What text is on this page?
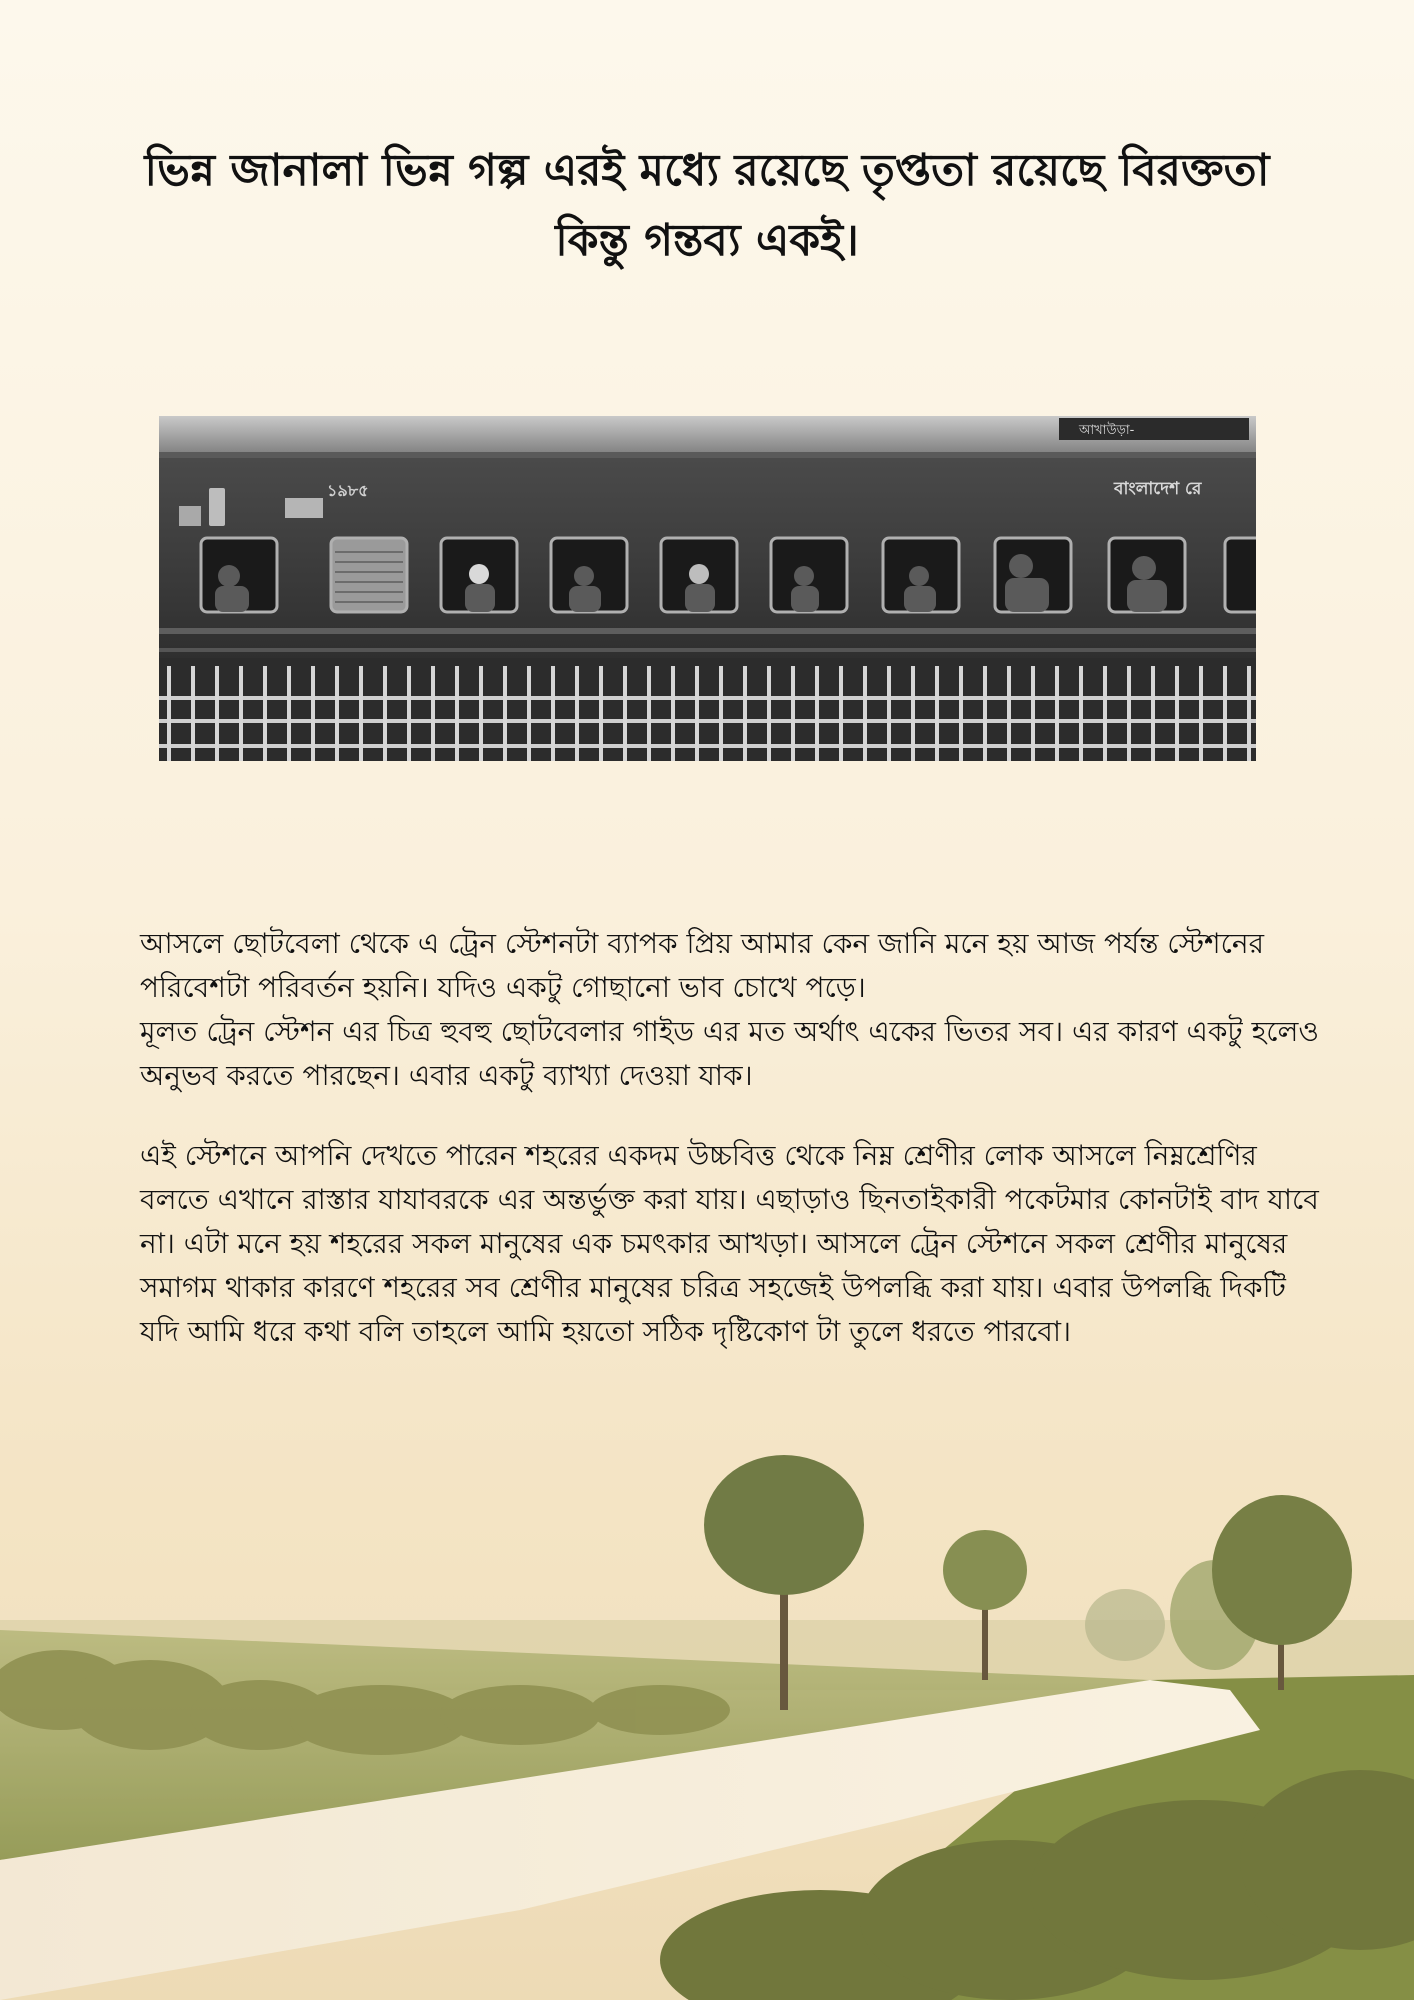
ভিন্ন জানালা ভিন্ন গল্প এরই মধ্যে রয়েছে তৃপ্ততা রয়েছে বিরক্ততা
কিন্তু গন্তব্য একই।
আখাউড়া-
১৯৮৫	বাংলাদেশ রে

আসলে ছোটবেলা থেকে এ ট্রেন স্টেশনটা ব্যাপক প্রিয় আমার কেন জানি মনে হয় আজ পর্যন্ত স্টেশনের পরিবেশটা পরিবর্তন হয়নি। যদিও একটু গোছানো ভাব চোখে পড়ে।
মূলত ট্রেন স্টেশন এর চিত্র হুবহু ছোটবেলার গাইড এর মত অর্থাৎ একের ভিতর সব। এর কারণ একটু হলেও অনুভব করতে পারছেন। এবার একটু ব্যাখ্যা দেওয়া যাক।

এই স্টেশনে আপনি দেখতে পারেন শহরের একদম উচ্চবিত্ত থেকে নিম্ন শ্রেণীর লোক আসলে নিম্নশ্রেণির বলতে এখানে রাস্তার যাযাবরকে এর অন্তর্ভুক্ত করা যায়। এছাড়াও ছিনতাইকারী পকেটমার কোনটাই বাদ যাবে না। এটা মনে হয় শহরের সকল মানুষের এক চমৎকার আখড়া। আসলে ট্রেন স্টেশনে সকল শ্রেণীর মানুষের সমাগম থাকার কারণে শহরের সব শ্রেণীর মানুষের চরিত্র সহজেই উপলব্ধি করা যায়। এবার উপলব্ধি দিকটি যদি আমি ধরে কথা বলি তাহলে আমি হয়তো সঠিক দৃষ্টিকোণ টা তুলে ধরতে পারবো।
